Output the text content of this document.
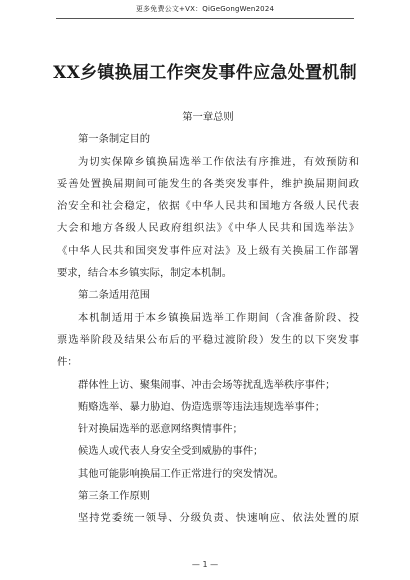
更多免费公文+VX：QiGeGongWen2024
XX乡镇换届工作突发事件应急处置机制
第一章总则
第一条制定目的
为切实保障乡镇换届选举工作依法有序推进，有效预防和
妥善处置换届期间可能发生的各类突发事件，维护换届期间政
治安全和社会稳定，依据《中华人民共和国地方各级人民代表
大会和地方各级人民政府组织法》《中华人民共和国选举法》
《中华人民共和国突发事件应对法》及上级有关换届工作部署
要求，结合本乡镇实际，制定本机制。
第二条适用范围
本机制适用于本乡镇换届选举工作期间（含准备阶段、投
票选举阶段及结果公布后的平稳过渡阶段）发生的以下突发事
件：
群体性上访、聚集闹事、冲击会场等扰乱选举秩序事件；
贿赂选举、暴力胁迫、伪造选票等违法违规选举事件；
针对换届选举的恶意网络舆情事件；
候选人或代表人身安全受到威胁的事件；
其他可能影响换届工作正常进行的突发情况。
第三条工作原则
坚持党委统一领导、分级负责、快速响应、依法处置的原
— 1 —
